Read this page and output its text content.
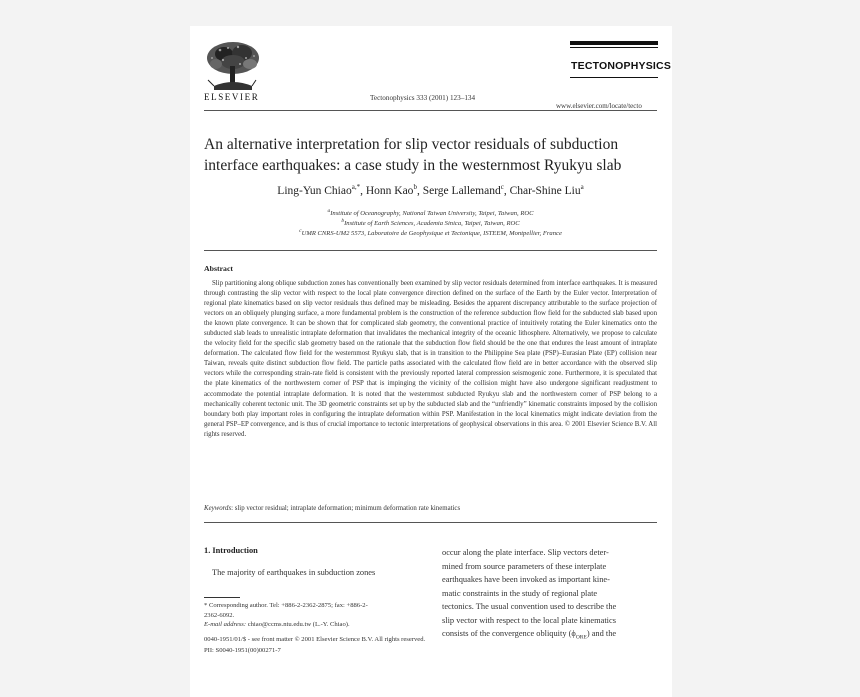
ELSEVIER	Tectonophysics 333 (2001) 123–134
TECTONOPHYSICS
www.elsevier.com/locate/tecto
An alternative interpretation for slip vector residuals of subduction
interface earthquakes: a case study in the westernmost Ryukyu slab
Ling-Yun Chiao$^{a,*}$, Honn Kao$^b$, Serge Lallemand$^c$, Char-Shine Liu$^a$
$^a$Institute of Oceanography, National Taiwan University, Taipei, Taiwan, ROC
$^b$Institute of Earth Sciences, Academia Sinica, Taipei, Taiwan, ROC
$^c$UMR CNRS-UM2 5573, Laboratoire de Geophysique et Tectonique, ISTEEM, Montpellier, France
Abstract
Slip partitioning along oblique subduction zones has conventionally been examined by slip vector residuals determined from interface earthquakes. It is measured through contrasting the slip vector with respect to the local plate convergence direction defined on the surface of the Earth by the Euler vector. Interpretation of regional plate kinematics based on slip vector residuals thus defined may be misleading. Besides the apparent discrepancy attributable to the surface projection of vectors on an obliquely plunging surface, a more fundamental problem is the construction of the reference subduction flow field for the subducted slab based upon the known plate convergence. It can be shown that for complicated slab geometry, the conventional practice of intuitively rotating the Euler kinematics onto the subducted slab leads to unrealistic intraplate deformation that invalidates the mechanical integrity of the oceanic lithosphere. Alternatively, we propose to calculate the velocity field for the specific slab geometry based on the rationale that the subduction flow field should be the one that endures the least amount of intraplate deformation. The calculated flow field for the westernmost Ryukyu slab, that is in transition to the Philippine Sea plate (PSP)–Eurasian Plate (EP) collision near Taiwan, reveals quite distinct subduction flow field. The particle paths associated with the calculated flow field are in better accordance with the observed slip vectors while the corresponding strain-rate field is consistent with the previously reported lateral compression seismogenic zone. Furthermore, it is speculated that the plate kinematics of the northwestern corner of PSP that is impinging the vicinity of the collision might have also undergone significant readjustment to accommodate the potential intraplate deformation. It is noted that the westernmost subducted Ryukyu slab and the northwestern corner of PSP belong to a mechanically coherent tectonic unit. The 3D geometric constraints set up by the subducted slab and the “unfriendly” kinematic constraints imposed by the collision boundary both play important roles in configuring the intraplate deformation within PSP. Manifestation in the local kinematics might indicate deviation from the general PSP–EP convergence, and is thus of crucial importance to tectonic interpretations of geophysical observations in this area. © 2001 Elsevier Science B.V. All rights reserved.
Keywords: slip vector residual; intraplate deformation; minimum deformation rate kinematics
1. Introduction
The majority of earthquakes in subduction zones
* Corresponding author. Tel: +886-2-2362-2875; fax: +886-2-
2362-6092.
E-mail address: chiao@ccms.ntu.edu.tw (L.-Y. Chiao).
0040-1951/01/$ - see front matter © 2001 Elsevier Science B.V. All rights reserved.
PII: S0040-1951(00)00271-7
occur along the plate interface. Slip vectors deter-
mined from source parameters of these interplate
earthquakes have been invoked as important kine-
matic constraints in the study of regional plate
tectonics. The usual convention used to describe the
slip vector with respect to the local plate kinematics
consists of the convergence obliquity $(\phi_{ORE})$ and the
